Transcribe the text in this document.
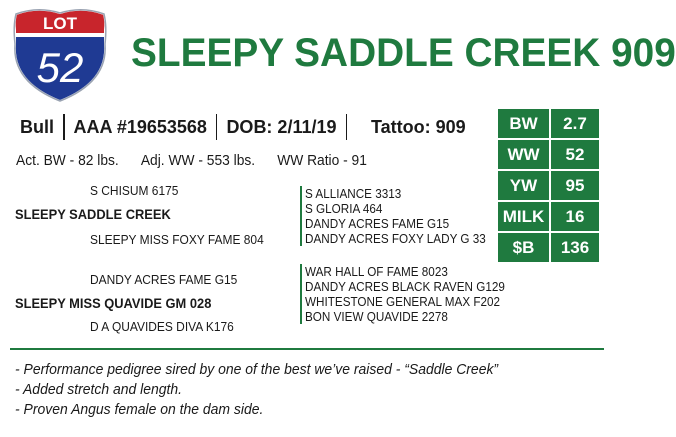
LOT
52 SLEEPY SADDLE CREEK 909
Bull	AAA #19653568	DOB: 2/11/19	Tattoo: 909
Act. BW - 82 lbs. Adj. WW - 553 lbs. WW Ratio - 91
BW	2.7
WW	52
YW	95
MILK	16
$B	136
S CHISUM 6175
SLEEPY SADDLE CREEK
SLEEPY MISS FOXY FAME 804
S ALLIANCE 3313
S GLORIA 464
DANDY ACRES FAME G15
DANDY ACRES FOXY LADY G 33
DANDY ACRES FAME G15
SLEEPY MISS QUAVIDE GM 028
D A QUAVIDES DIVA K176
WAR HALL OF FAME 8023
DANDY ACRES BLACK RAVEN G129
WHITESTONE GENERAL MAX F202
BON VIEW QUAVIDE 2278
- Performance pedigree sired by one of the best we’ve raised - “Saddle Creek”
- Added stretch and length.
- Proven Angus female on the dam side.
